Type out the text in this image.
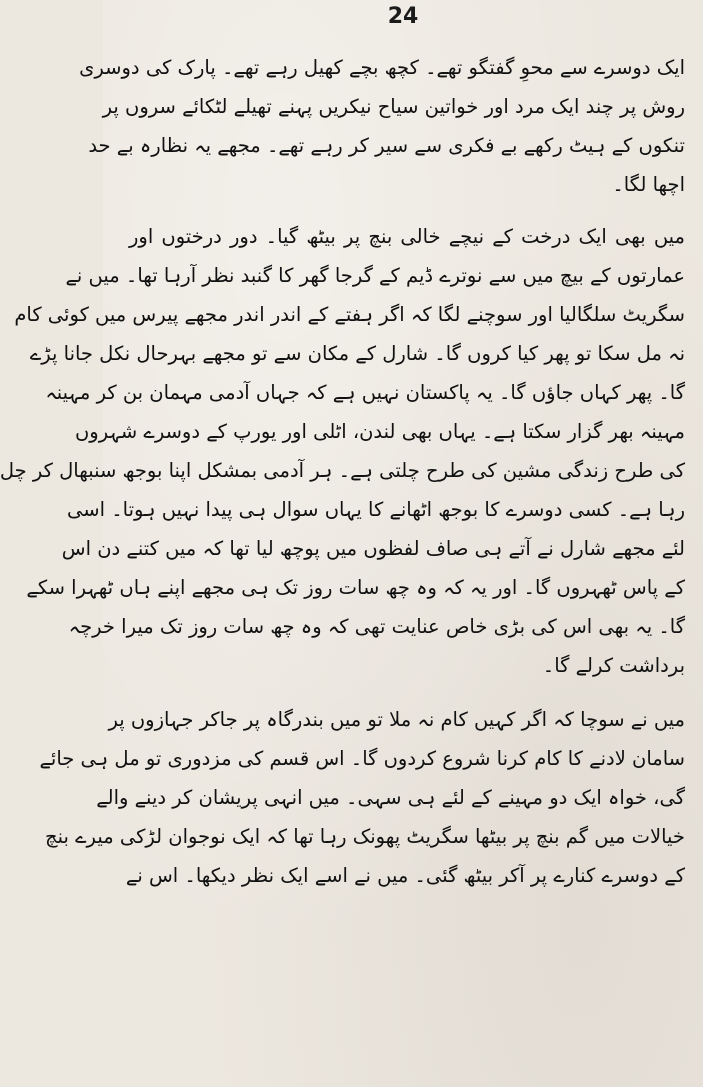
24
ایک دوسرے سے محوِ گفتگو تھے۔ کچھ بچے کھیل رہے تھے۔ پارک کی دوسری
روش پر چند ایک مرد اور خواتین سیاح نیکریں پہنے تھیلے لٹکائے سروں پر
تنکوں کے ہیٹ رکھے بے فکری سے سیر کر رہے تھے۔ مجھے یہ نظارہ بے حد
اچھا لگا۔
میں بھی ایک درخت کے نیچے خالی بنچ پر بیٹھ گیا۔ دور درختوں اور
عمارتوں کے بیچ میں سے نوترے ڈیم کے گرجا گھر کا گنبد نظر آرہا تھا۔ میں نے
سگریٹ سلگالیا اور سوچنے لگا کہ اگر ہفتے کے اندر اندر مجھے پیرس میں کوئی کام
نہ مل سکا تو پھر کیا کروں گا۔ شارل کے مکان سے تو مجھے بہرحال نکل جانا پڑے
گا۔ پھر کہاں جاؤں گا۔ یہ پاکستان نہیں ہے کہ جہاں آدمی مہمان بن کر مہینہ
مہینہ بھر گزار سکتا ہے۔ یہاں بھی لندن، اٹلی اور یورپ کے دوسرے شہروں
کی طرح زندگی مشین کی طرح چلتی ہے۔ ہر آدمی بمشکل اپنا بوجھ سنبھال کر چل
رہا ہے۔ کسی دوسرے کا بوجھ اٹھانے کا یہاں سوال ہی پیدا نہیں ہوتا۔ اسی
لئے مجھے شارل نے آتے ہی صاف لفظوں میں پوچھ لیا تھا کہ میں کتنے دن اس
کے پاس ٹھہروں گا۔ اور یہ کہ وہ چھ سات روز تک ہی مجھے اپنے ہاں ٹھہرا سکے
گا۔ یہ بھی اس کی بڑی خاص عنایت تھی کہ وہ چھ سات روز تک میرا خرچہ
برداشت کرلے گا۔
میں نے سوچا کہ اگر کہیں کام نہ ملا تو میں بندرگاہ پر جاکر جہازوں پر
سامان لادنے کا کام کرنا شروع کردوں گا۔ اس قسم کی مزدوری تو مل ہی جائے
گی، خواہ ایک دو مہینے کے لئے ہی سہی۔ میں انہی پریشان کر دینے والے
خیالات میں گم بنچ پر بیٹھا سگریٹ پھونک رہا تھا کہ ایک نوجوان لڑکی میرے بنچ
کے دوسرے کنارے پر آکر بیٹھ گئی۔ میں نے اسے ایک نظر دیکھا۔ اس نے
